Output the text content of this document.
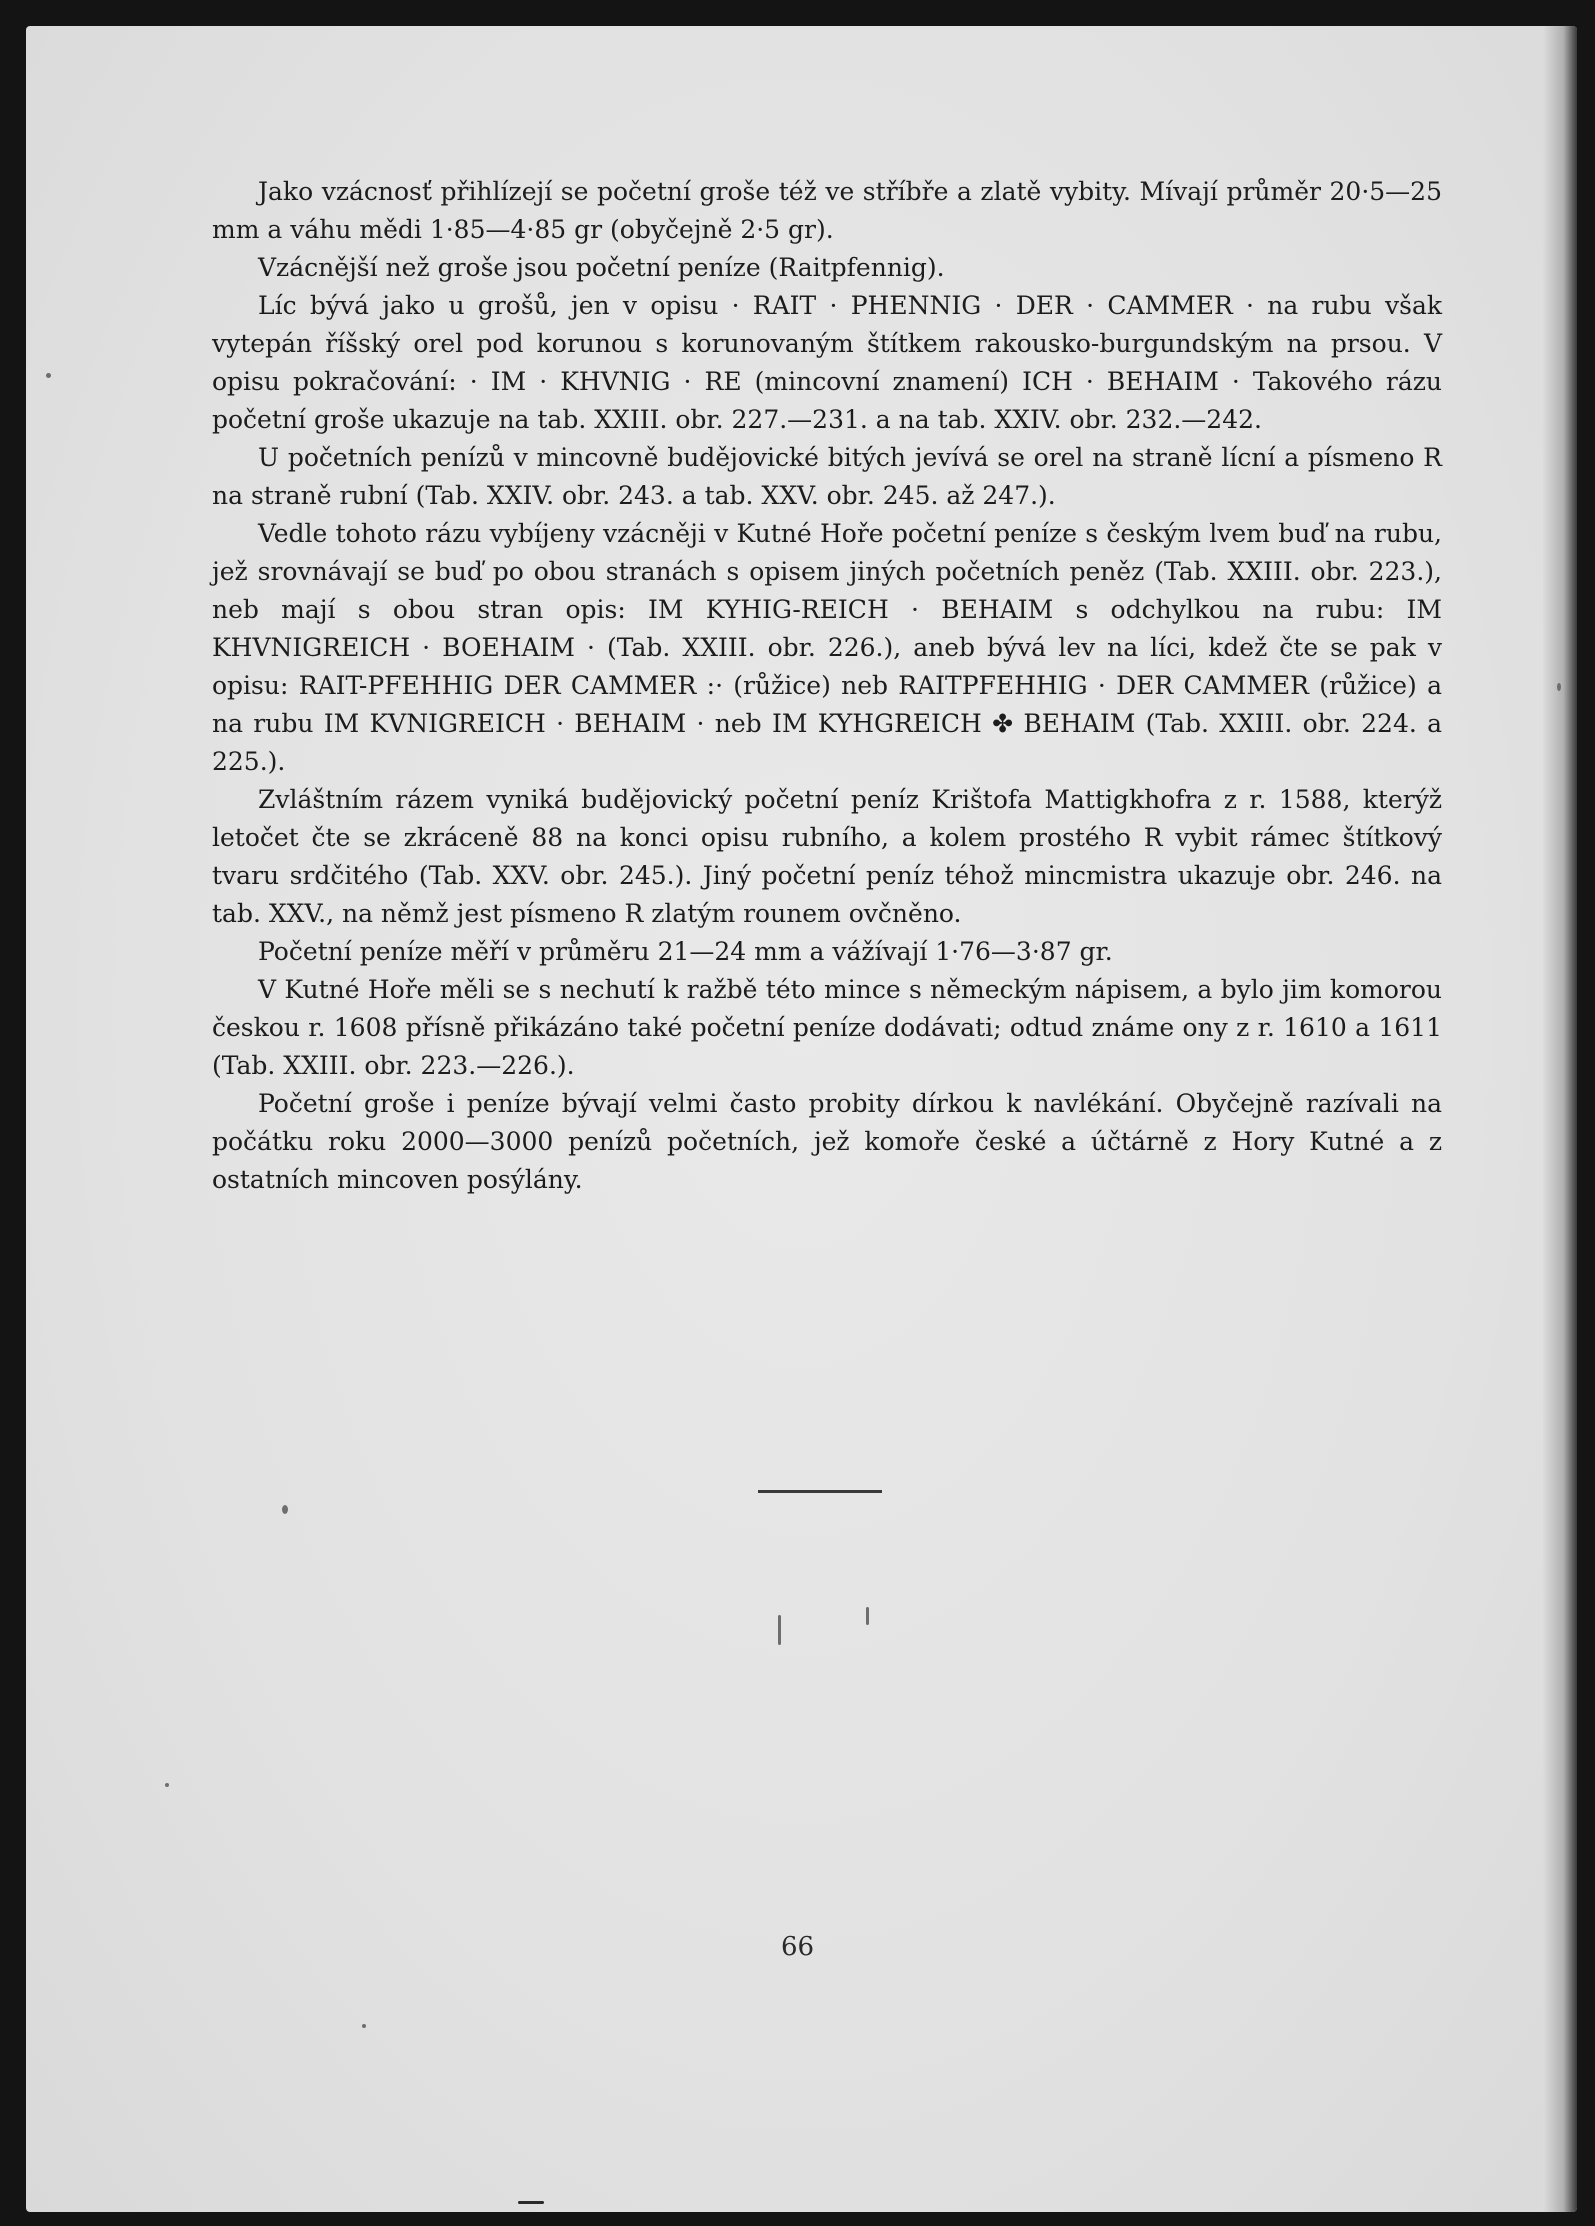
Jako vzácnosť přihlízejí se početní groše též ve stříbře a zlatě vybity. Mívají průměr 20·5—25 mm a váhu mědi 1·85—4·85 gr (obyčejně 2·5 gr).

Vzácnější než groše jsou početní peníze (Raitpfennig).

Líc bývá jako u grošů, jen v opisu · RAIT · PHENNIG · DER · CAMMER · na rubu však vytepán říšský orel pod korunou s korunovaným štítkem rakousko-burgundským na prsou. V opisu pokračování: · IM · KHVNIG · RE (mincovní znamení) ICH · BEHAIM · Takového rázu početní groše ukazuje na tab. XXIII. obr. 227.—231. a na tab. XXIV. obr. 232.—242.

U početních penízů v mincovně budějovické bitých jevívá se orel na straně lícní a písmeno R na straně rubní (Tab. XXIV. obr. 243. a tab. XXV. obr. 245. až 247.).

Vedle tohoto rázu vybíjeny vzácněji v Kutné Hoře početní peníze s českým lvem buď na rubu, jež srovnávají se buď po obou stranách s opisem jiných početních peněz (Tab. XXIII. obr. 223.), neb mají s obou stran opis: IM KYHIG-REICH · BEHAIM s odchylkou na rubu: IM KHVNIGREICH · BOEHAIM · (Tab. XXIII. obr. 226.), aneb bývá lev na líci, kdež čte se pak v opisu: RAIT-PFEHHIG DER CAMMER :· (růžice) neb RAITPFEHHIG · DER CAMMER (růžice) a na rubu IM KVNIGREICH · BEHAIM · neb IM KYHGREICH ✤ BEHAIM (Tab. XXIII. obr. 224. a 225.).

Zvláštním rázem vyniká budějovický početní peníz Krištofa Mattigkhofra z r. 1588, kterýž letočet čte se zkráceně 88 na konci opisu rubního, a kolem prostého R vybit rámec štítkový tvaru srdčitého (Tab. XXV. obr. 245.). Jiný početní peníz téhož mincmistra ukazuje obr. 246. na tab. XXV., na němž jest písmeno R zlatým rounem ovčněno.

Početní peníze měří v průměru 21—24 mm a vážívají 1·76—3·87 gr.

V Kutné Hoře měli se s nechutí k ražbě této mince s německým nápisem, a bylo jim komorou českou r. 1608 přísně přikázáno také početní peníze dodávati; odtud známe ony z r. 1610 a 1611 (Tab. XXIII. obr. 223.—226.).

Početní groše i peníze bývají velmi často probity dírkou k navlékání. Obyčejně razívali na počátku roku 2000—3000 penízů početních, jež komoře české a účtárně z Hory Kutné a z ostatních mincoven posýlány.

66
